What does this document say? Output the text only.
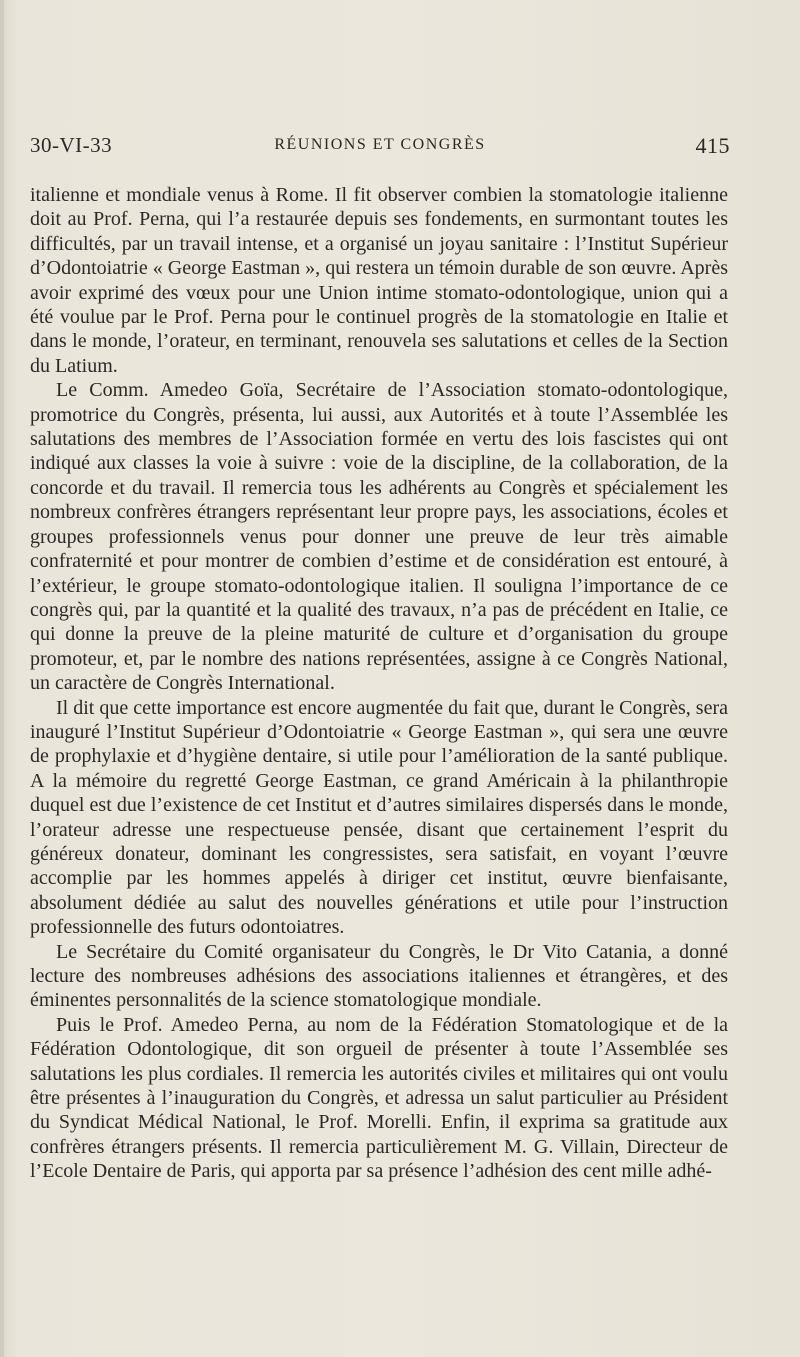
30-VI-33	RÉUNIONS ET CONGRÈS	415

italienne et mondiale venus à Rome. Il fit observer combien la stomatologie italienne doit au Prof. Perna, qui l’a restaurée depuis ses fondements, en surmontant toutes les difficultés, par un travail intense, et a organisé un joyau sanitaire : l’Institut Supérieur d’Odontoiatrie « George Eastman », qui restera un témoin durable de son œuvre. Après avoir exprimé des vœux pour une Union intime stomato-odontologique, union qui a été voulue par le Prof. Perna pour le continuel progrès de la stomatologie en Italie et dans le monde, l’orateur, en terminant, renouvela ses salutations et celles de la Section du Latium.

Le Comm. Amedeo Goïa, Secrétaire de l’Association stomato-odontologique, promotrice du Congrès, présenta, lui aussi, aux Autorités et à toute l’Assemblée les salutations des membres de l’Association formée en vertu des lois fascistes qui ont indiqué aux classes la voie à suivre : voie de la discipline, de la collaboration, de la concorde et du travail. Il remercia tous les adhérents au Congrès et spécialement les nombreux confrères étrangers représentant leur propre pays, les associations, écoles et groupes professionnels venus pour donner une preuve de leur très aimable confraternité et pour montrer de combien d’estime et de considération est entouré, à l’extérieur, le groupe stomato-odontologique italien. Il souligna l’importance de ce congrès qui, par la quantité et la qualité des travaux, n’a pas de précédent en Italie, ce qui donne la preuve de la pleine maturité de culture et d’organisation du groupe promoteur, et, par le nombre des nations représentées, assigne à ce Congrès National, un caractère de Congrès International.

Il dit que cette importance est encore augmentée du fait que, durant le Congrès, sera inauguré l’Institut Supérieur d’Odontoiatrie « George Eastman », qui sera une œuvre de prophylaxie et d’hygiène dentaire, si utile pour l’amélioration de la santé publique. A la mémoire du regretté George Eastman, ce grand Américain à la philanthropie duquel est due l’existence de cet Institut et d’autres similaires dispersés dans le monde, l’orateur adresse une respectueuse pensée, disant que certainement l’esprit du généreux donateur, dominant les congressistes, sera satisfait, en voyant l’œuvre accomplie par les hommes appelés à diriger cet institut, œuvre bienfaisante, absolument dédiée au salut des nouvelles générations et utile pour l’instruction professionnelle des futurs odontoiatres.

Le Secrétaire du Comité organisateur du Congrès, le Dr Vito Catania, a donné lecture des nombreuses adhésions des associations italiennes et étrangères, et des éminentes personnalités de la science stomatologique mondiale.

Puis le Prof. Amedeo Perna, au nom de la Fédération Stomatologique et de la Fédération Odontologique, dit son orgueil de présenter à toute l’Assemblée ses salutations les plus cordiales. Il remercia les autorités civiles et militaires qui ont voulu être présentes à l’inauguration du Congrès, et adressa un salut particulier au Président du Syndicat Médical National, le Prof. Morelli. Enfin, il exprima sa gratitude aux confrères étrangers présents. Il remercia particulièrement M. G. Villain, Directeur de l’Ecole Dentaire de Paris, qui apporta par sa présence l’adhésion des cent mille adhé-
